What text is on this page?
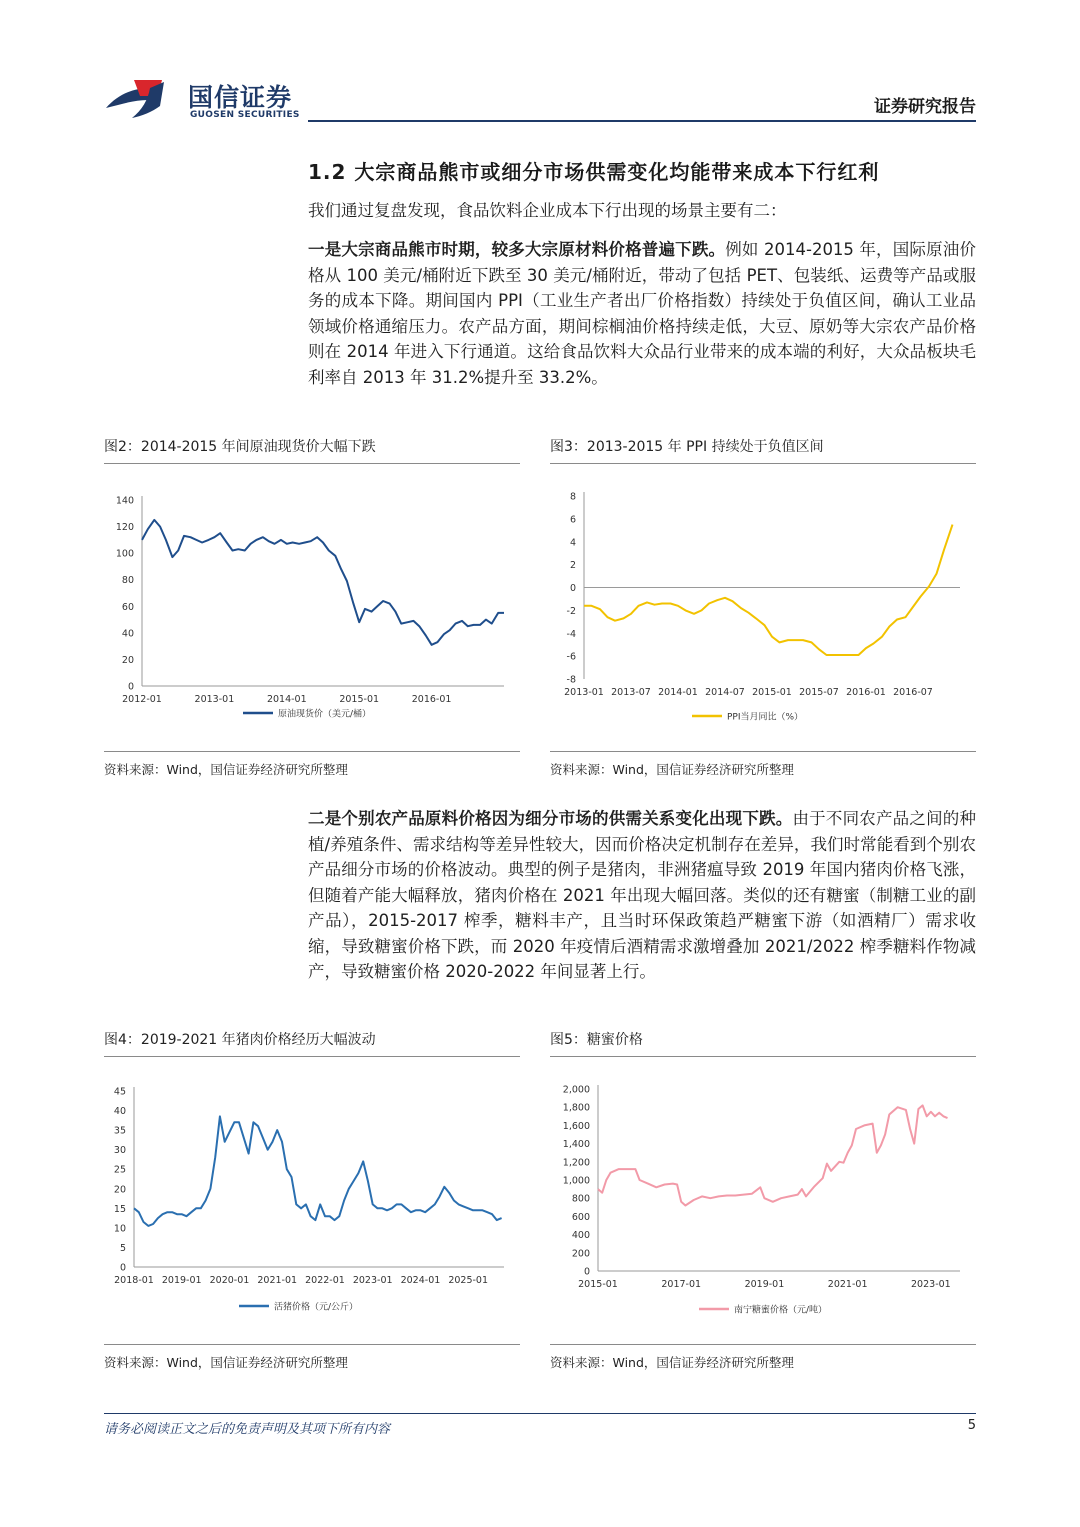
国信证券
GUOSEN SECURITIES	证券研究报告
1.2 大宗商品熊市或细分市场供需变化均能带来成本下行红利
我们通过复盘发现，食品饮料企业成本下行出现的场景主要有二：
一是大宗商品熊市时期，较多大宗原材料价格普遍下跌。例如 2014-2015 年，国际原油价格从 100 美元/桶附近下跌至 30 美元/桶附近，带动了包括 PET、包装纸、运费等产品或服务的成本下降。期间国内 PPI（工业生产者出厂价格指数）持续处于负值区间，确认工业品领域价格通缩压力。农产品方面，期间棕榈油价格持续走低，大豆、原奶等大宗农产品价格则在 2014 年进入下行通道。这给食品饮料大众品行业带来的成本端的利好，大众品板块毛利率自 2013 年 31.2%提升至 33.2%。
图2：2014-2015 年间原油现货价大幅下跌
0
20
40
60
80
100
120
140
2012-01	2013-01	2014-01	2015-01	2016-01
原油现货价（美元/桶）
资料来源：Wind，国信证券经济研究所整理
图3：2013-2015 年 PPI 持续处于负值区间
-8
-6
-4
-2
0
2
4
6
8
2013-01 2013-07 2014-01 2014-07 2015-01 2015-07 2016-01 2016-07
PPI当月同比（%）
资料来源：Wind，国信证券经济研究所整理
二是个别农产品原料价格因为细分市场的供需关系变化出现下跌。由于不同农产品之间的种植/养殖条件、需求结构等差异性较大，因而价格决定机制存在差异，我们时常能看到个别农产品细分市场的价格波动。典型的例子是猪肉，非洲猪瘟导致 2019 年国内猪肉价格飞涨，但随着产能大幅释放，猪肉价格在 2021 年出现大幅回落。类似的还有糖蜜（制糖工业的副产品），2015-2017 榨季，糖料丰产，且当时环保政策趋严糖蜜下游（如酒精厂）需求收缩，导致糖蜜价格下跌，而 2020 年疫情后酒精需求激增叠加 2021/2022 榨季糖料作物减产，导致糖蜜价格 2020-2022 年间显著上行。
图4：2019-2021 年猪肉价格经历大幅波动
0
5
10
15
20
25
30
35
40
45
2018-01 2019-01 2020-01 2021-01 2022-01 2023-01 2024-01 2025-01
活猪价格（元/公斤）
资料来源：Wind，国信证券经济研究所整理
图5：糖蜜价格
0
200
400
600
800
1,000
1,200
1,400
1,600
1,800
2,000
2015-01	2017-01	2019-01	2021-01	2023-01
南宁糖蜜价格（元/吨）
资料来源：Wind，国信证券经济研究所整理
请务必阅读正文之后的免责声明及其项下所有内容	5
